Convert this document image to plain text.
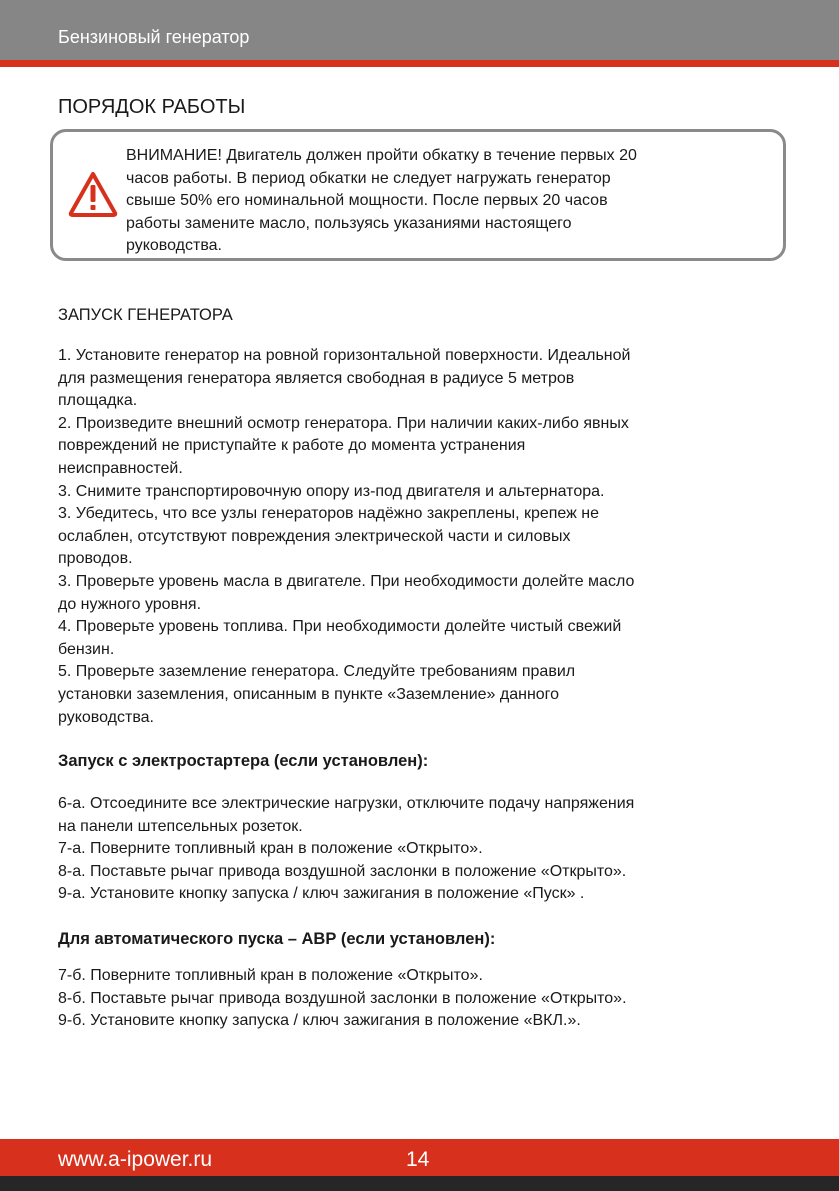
Бензиновый генератор
ПОРЯДОК РАБОТЫ
ВНИМАНИЕ! Двигатель должен пройти обкатку в течение первых 20
часов работы. В период обкатки не следует нагружать генератор
свыше 50% его номинальной мощности. После первых 20 часов
работы замените масло, пользуясь указаниями настоящего
руководства.
ЗАПУСК ГЕНЕРАТОРА

1. Установите генератор на ровной горизонтальной поверхности. Идеальной

для размещения генератора является свободная в радиусе 5 метров

площадка.

2. Произведите внешний осмотр генератора. При наличии каких-либо явных

повреждений не приступайте к работе до момента устранения

неисправностей.

3. Снимите транспортировочную опору из-под двигателя и альтернатора.

3. Убедитесь, что все узлы генераторов надёжно закреплены, крепеж не

ослаблен, отсутствуют повреждения электрической части и силовых

проводов.

3. Проверьте уровень масла в двигателе. При необходимости долейте масло

до нужного уровня.

4. Проверьте уровень топлива. При необходимости долейте чистый свежий

бензин.

5. Проверьте заземление генератора. Следуйте требованиям правил

установки заземления, описанным в пункте «Заземление» данного

руководства.

Запуск с электростартера (если установлен):

6-а. Отсоедините все электрические нагрузки, отключите подачу напряжения

на панели штепсельных розеток.

7-а. Поверните топливный кран в положение «Открыто».

8-а. Поставьте рычаг привода воздушной заслонки в положение «Открыто».

9-а. Установите кнопку запуска / ключ зажигания в положение «Пуск» .

Для автоматического пуска – АВР (если установлен):

7-б. Поверните топливный кран в положение «Открыто».

8-б. Поставьте рычаг привода воздушной заслонки в положение «Открыто».

9-б. Установите кнопку запуска / ключ зажигания в положение «ВКЛ.».

www.a-ipower.ru	14
